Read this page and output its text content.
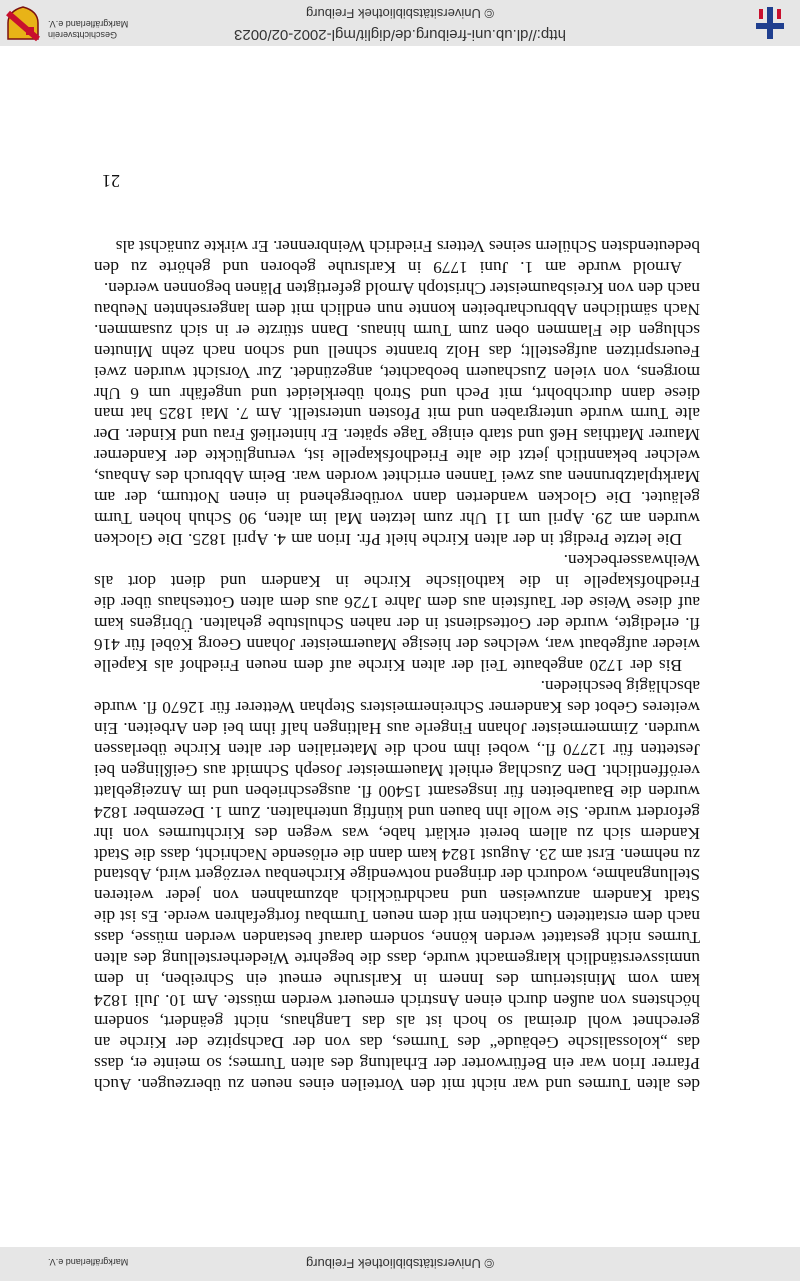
© Universitätsbibliothek Freiburg
Markgräflerland e.V.

des alten Turmes und war nicht mit den Vorteilen eines neuen zu überzeugen. Auch Pfarrer Irion war ein Befürworter der Erhaltung des alten Turmes; so meinte er, dass das „kolossalische Gebäude“ des Turmes, das von der Dachspitze der Kirche an gerechnet wohl dreimal so hoch ist als das Langhaus, nicht geändert, sondern höchstens von außen durch einen Anstrich erneuert werden müsste. Am 10. Juli 1824 kam vom Ministerium des Innern in Karlsruhe erneut ein Schreiben, in dem unmissverständlich klargemacht wurde, dass die begehrte Wiederherstellung des alten Turmes nicht gestattet werden könne, sondern darauf bestanden werden müsse, dass nach dem erstatteten Gutachten mit dem neuen Turmbau fortgefahren werde. Es ist die Stadt Kandern anzuweisen und nachdrücklich abzumahnen von jeder weiteren Stellungnahme, wodurch der dringend notwendige Kirchenbau verzögert wird, Abstand zu nehmen. Erst am 23. August 1824 kam dann die erlösende Nachricht, dass die Stadt Kandern sich zu allem bereit erklärt habe, was wegen des Kirchturmes von ihr gefordert wurde. Sie wolle ihn bauen und künftig unterhalten. Zum 1. Dezember 1824 wurden die Bauarbeiten für insgesamt 15400 fl. ausgeschrieben und im Anzeigeblatt veröffentlicht. Den Zuschlag erhielt Mauermeister Joseph Schmidt aus Geißlingen bei Jestetten für 12770 fl., wobei ihm noch die Materialien der alten Kirche überlassen wurden. Zimmermeister Johann Fingerle aus Haltingen half ihm bei den Arbeiten. Ein weiteres Gebot des Kanderner Schreinermeisters Stephan Wetterer für 12670 fl. wurde abschlägig beschieden.

Bis der 1720 angebaute Teil der alten Kirche auf dem neuen Friedhof als Kapelle wieder aufgebaut war, welches der hiesige Mauermeister Johann Georg Köbel für 416 fl. erledigte, wurde der Gottesdienst in der nahen Schulstube gehalten. Übrigens kam auf diese Weise der Taufstein aus dem Jahre 1726 aus dem alten Gotteshaus über die Friedhofskapelle in die katholische Kirche in Kandern und dient dort als Weihwasserbecken.

Die letzte Predigt in der alten Kirche hielt Pfr. Irion am 4. April 1825. Die Glocken wurden am 29. April um 11 Uhr zum letzten Mal im alten, 90 Schuh hohen Turm geläutet. Die Glocken wanderten dann vorübergehend in einen Notturm, der am Marktplatzbrunnen aus zwei Tannen errichtet worden war. Beim Abbruch des Anbaus, welcher bekanntlich jetzt die alte Friedhofskapelle ist, verunglückte der Kanderner Maurer Matthias Heß und starb einige Tage später. Er hinterließ Frau und Kinder. Der alte Turm wurde untergraben und mit Pfosten unterstellt. Am 7. Mai 1825 hat man diese dann durchbohrt, mit Pech und Stroh überkleidet und ungefähr um 6 Uhr morgens, von vielen Zuschauern beobachtet, angezündet. Zur Vorsicht wurden zwei Feuerspritzen aufgestellt; das Holz brannte schnell und schon nach zehn Minuten schlugen die Flammen oben zum Turm hinaus. Dann stürzte er in sich zusammen. Nach sämtlichen Abbrucharbeiten konnte nun endlich mit dem langersehnten Neubau nach den von Kreisbaumeister Christoph Arnold gefertigten Plänen begonnen werden.

Arnold wurde am 1. Juni 1779 in Karlsruhe geboren und gehörte zu den bedeutendsten Schülern seines Vetters Friedrich Weinbrenner. Er wirkte zunächst als

21
http://dl.ub.uni-freiburg.de/diglit/mgl-2002-02/0023
© Universitätsbibliothek Freiburg
Geschichtsverein
Markgräflerland e.V.
